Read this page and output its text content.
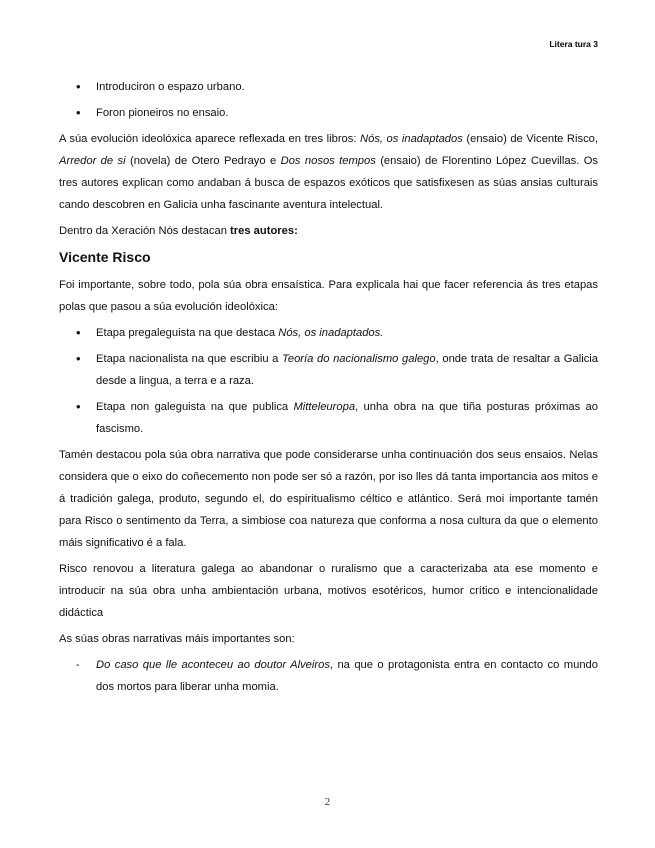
Litera tura 3
• Introduciron o espazo urbano.
• Foron pioneiros no ensaio.

A súa evolución ideolóxica aparece reflexada en tres libros: Nós, os inadaptados (ensaio) de Vicente Risco, Arredor de si (novela) de Otero Pedrayo e Dos nosos tempos (ensaio) de Florentino López Cuevillas. Os tres autores explican como andaban á busca de espazos exóticos que satisfixesen as súas ansias culturais cando descobren en Galicia unha fascinante aventura intelectual.

Dentro da Xeración Nós destacan tres autores:

Vicente Risco

Foi importante, sobre todo, pola súa obra ensaística. Para explicala hai que facer referencia ás tres etapas polas que pasou a súa evolución ideolóxica:

• Etapa pregaleguista na que destaca Nós, os inadaptados.
• Etapa nacionalista na que escribiu a Teoría do nacionalismo galego, onde trata de resaltar a Galicia desde a lingua, a terra e a raza.
• Etapa non galeguista na que publica Mitteleuropa, unha obra na que tiña posturas próximas ao fascismo.

Tamén destacou pola súa obra narrativa que pode considerarse unha continuación dos seus ensaios. Nelas considera que o eixo do coñecemento non pode ser só a razón, por iso lles dá tanta importancia aos mitos e á tradición galega, produto, segundo el, do espiritualismo céltico e atlántico. Será moi importante tamén para Risco o sentimento da Terra, a simbiose coa natureza que conforma a nosa cultura da que o elemento máis significativo é a fala.

Risco renovou a literatura galega ao abandonar o ruralismo que a caracterizaba ata ese momento e introducir na súa obra unha ambientación urbana, motivos esotéricos, humor crítico e intencionalidade didáctica

As súas obras narrativas máis importantes son:

- Do caso que lle aconteceu ao doutor Alveiros, na que o protagonista entra en contacto co mundo dos mortos para liberar unha momia.
2
